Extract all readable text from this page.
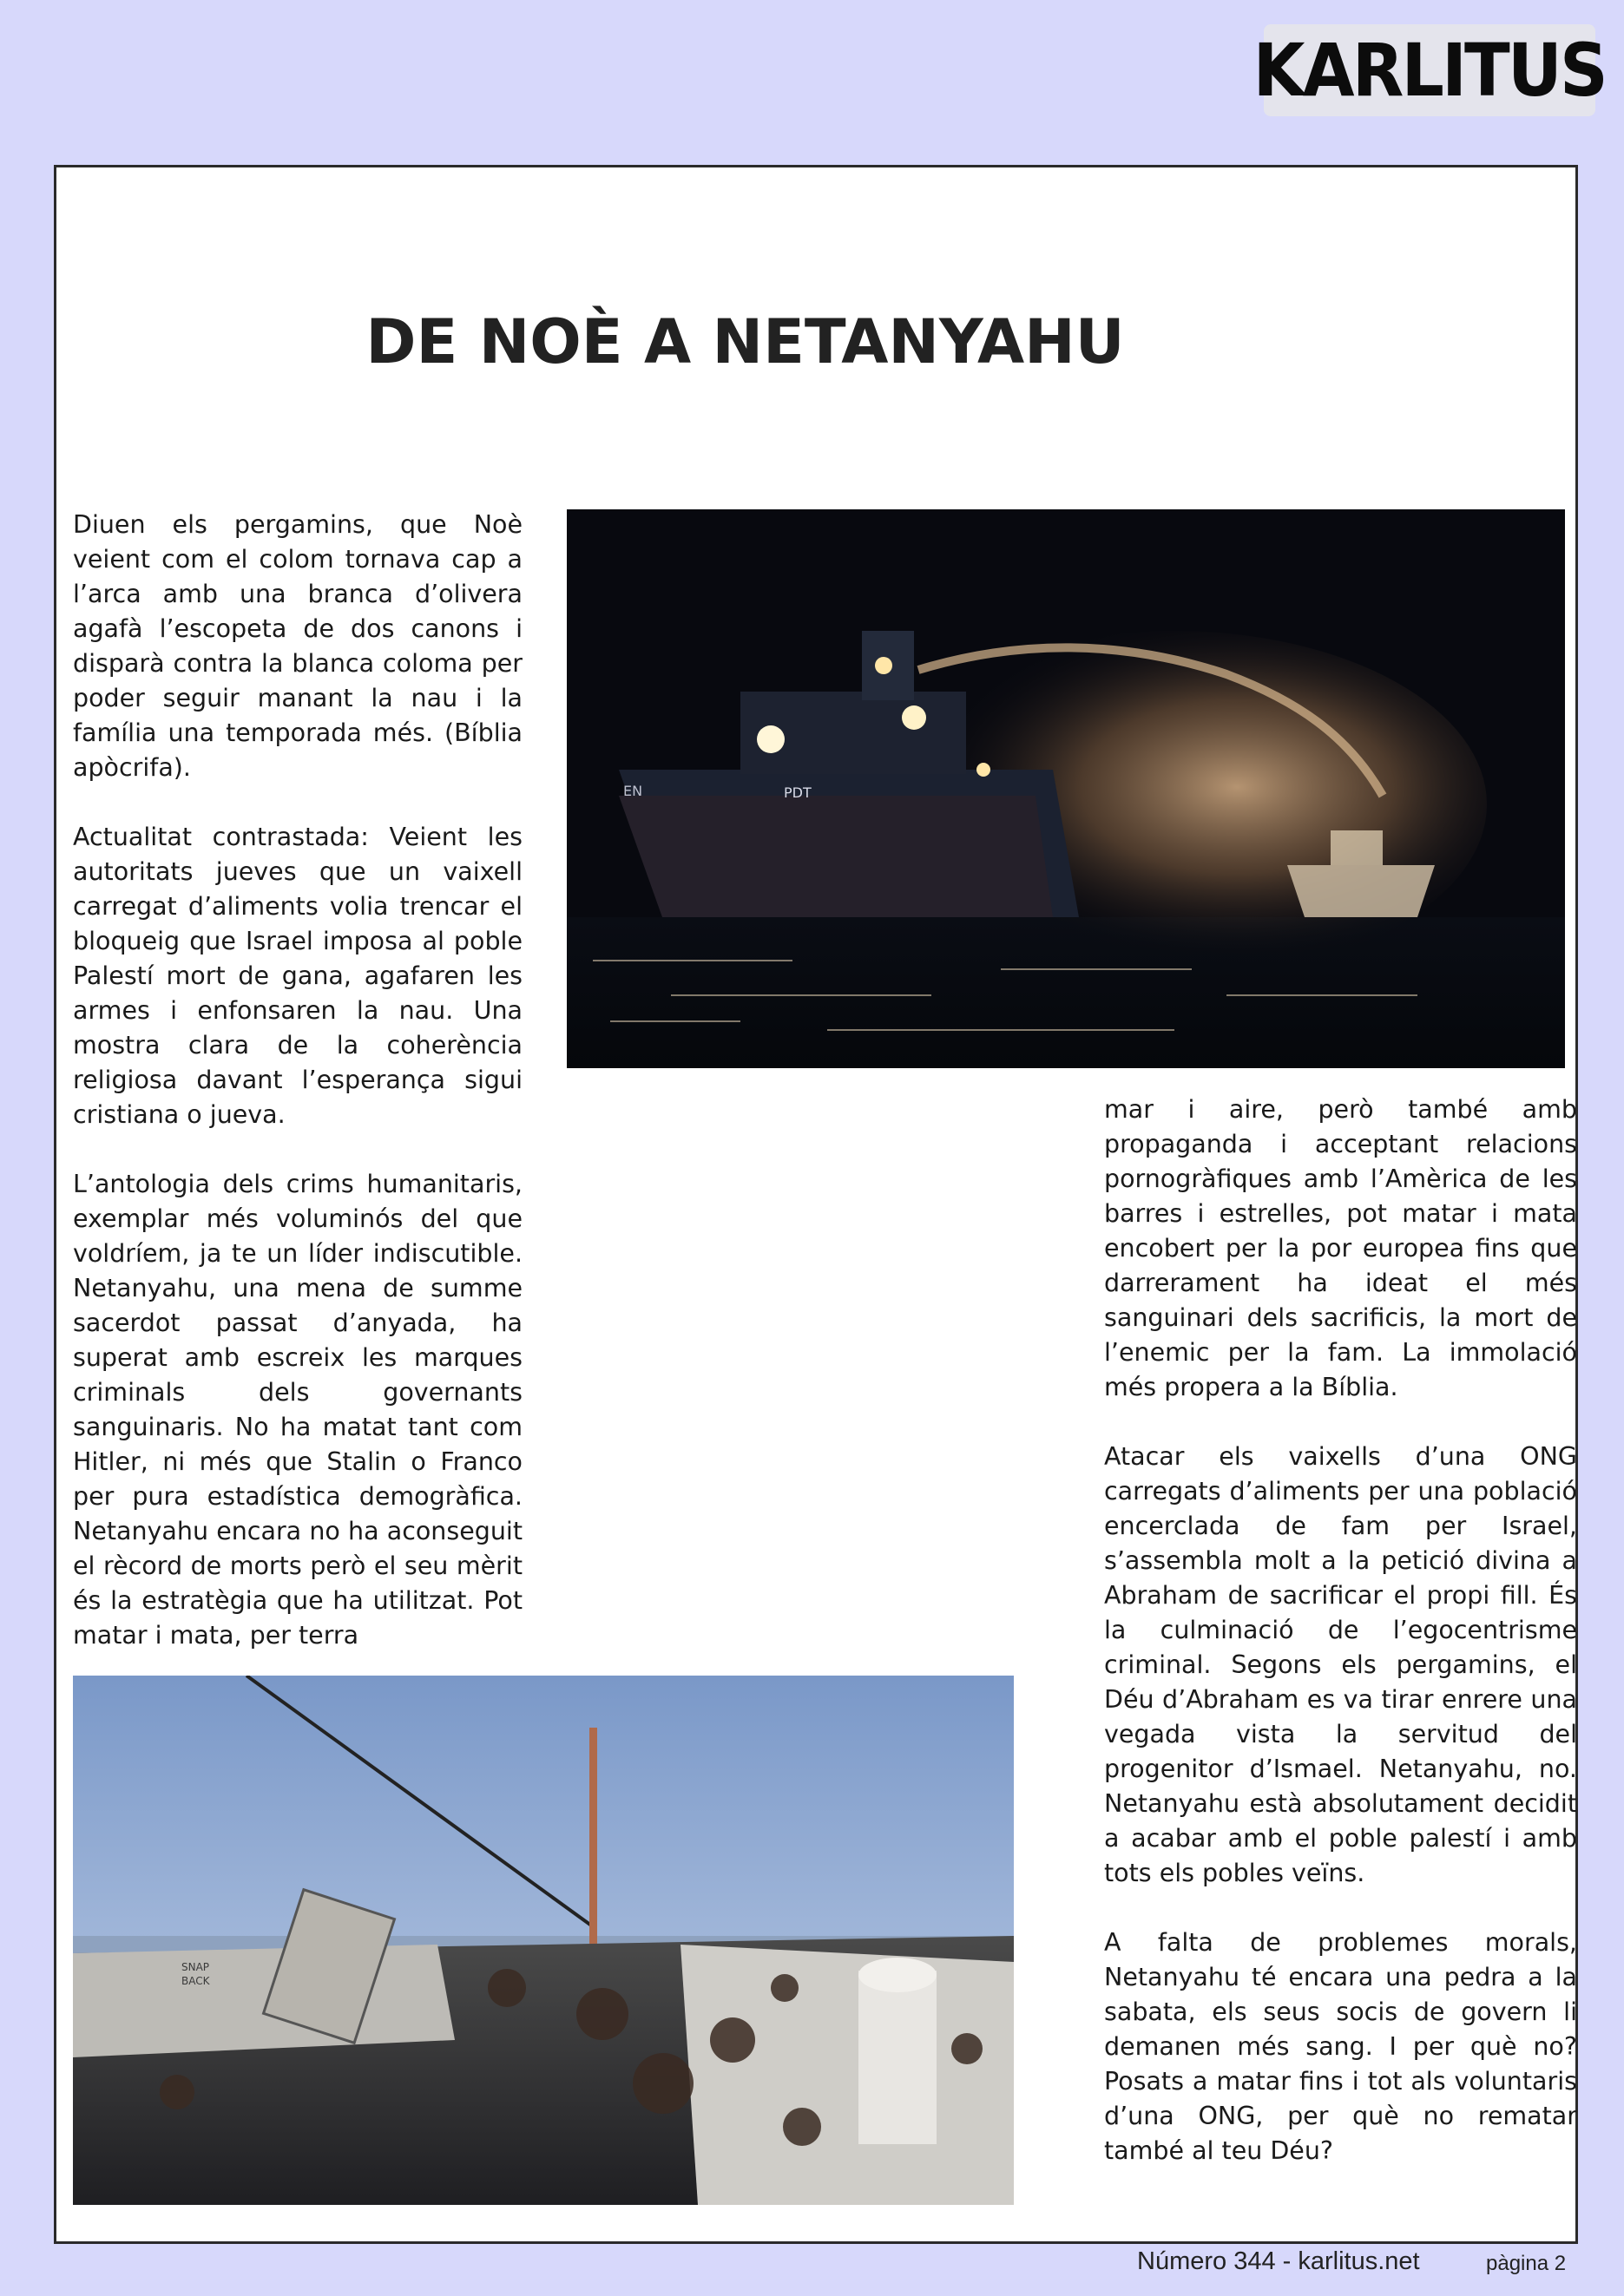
KARLITUS
DE NOÈ A NETANYAHU

Diuen els pergamins, que Noè veient com el colom tornava cap a l’arca amb una branca d’olivera agafà l’escopeta de dos canons i disparà contra la blanca coloma per poder seguir manant la nau i la família una temporada més. (Bíblia apòcrifa).

Actualitat contrastada: Veient les autoritats jueves que un vaixell carregat d’aliments volia trencar el bloqueig que Israel imposa al poble Palestí mort de gana, agafaren les armes i enfonsaren la nau. Una mostra clara de la coherència religiosa davant l’esperança sigui cristiana o jueva.

L’antologia dels crims humanitaris, exemplar més voluminós del que voldríem, ja te un líder indiscutible. Netanyahu, una mena de summe sacerdot passat d’anyada, ha superat amb escreix les marques criminals dels governants sanguinaris. No ha matat tant com Hitler, ni més que Stalin o Franco per pura estadística demogràfica. Netanyahu encara no ha aconseguit el rècord de morts però el seu mèrit és la estratègia que ha utilitzat. Pot matar i mata, per terra

PDT
EN

mar i aire, però també amb propaganda i acceptant relacions pornogràfiques amb l’Amèrica de les barres i estrelles, pot matar i mata encobert per la por europea fins que darrerament ha ideat el més sanguinari dels sacrificis, la mort de l’enemic per la fam. La immolació més propera a la Bíblia.

Atacar els vaixells d’una ONG carregats d’aliments per una població encerclada de fam per Israel, s’assembla molt a la petició divina a Abraham de sacrificar el propi fill. És la culminació de l’egocentrisme criminal. Segons els pergamins, el Déu d’Abraham es va tirar enrere una vegada vista la servitud del progenitor d’Ismael. Netanyahu, no. Netanyahu està absolutament decidit a acabar amb el poble palestí i amb tots els pobles veïns.

A falta de problemes morals, Netanyahu té encara una pedra a la sabata, els seus socis de govern li demanen més sang. I per què no? Posats a matar fins i tot als voluntaris d’una ONG, per què no rematar també al teu Déu?

SNAP
BACK
Número 344 - karlitus.net	pàgina 2
